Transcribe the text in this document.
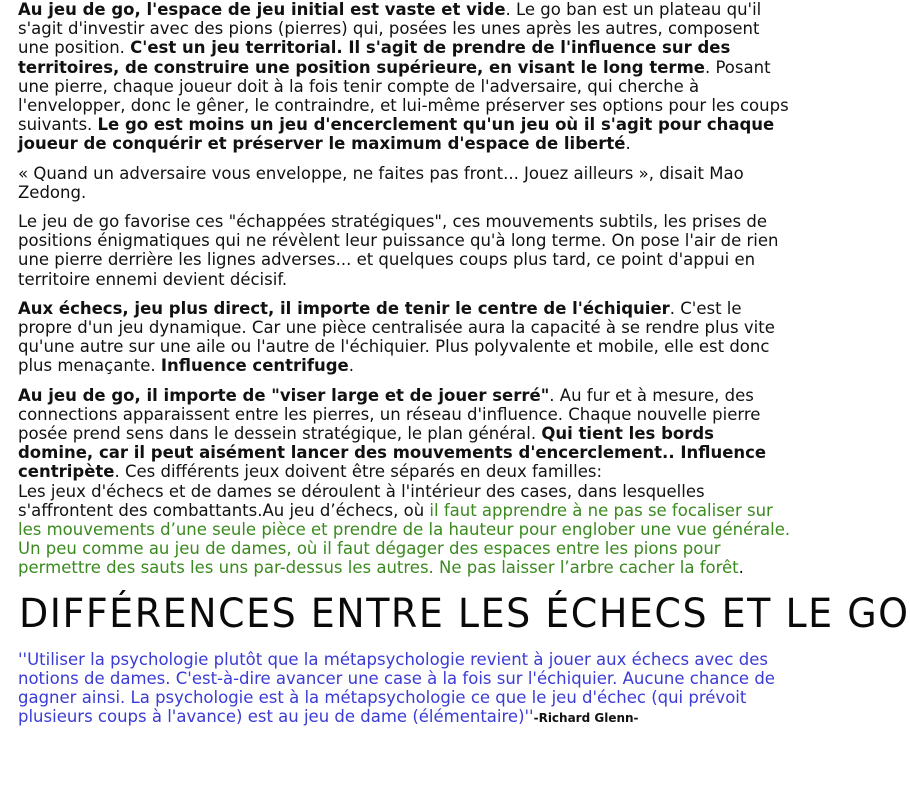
Au jeu de go, l'espace de jeu initial est vaste et vide. Le go ban est un plateau qu'il s'agit d'investir avec des pions (pierres) qui, posées les unes après les autres, composent une position. C'est un jeu territorial. Il s'agit de prendre de l'influence sur des territoires, de construire une position supérieure, en visant le long terme. Posant une pierre, chaque joueur doit à la fois tenir compte de l'adversaire, qui cherche à l'envelopper, donc le gêner, le contraindre, et lui-même préserver ses options pour les coups suivants. Le go est moins un jeu d'encerclement qu'un jeu où il s'agit pour chaque joueur de conquérir et préserver le maximum d'espace de liberté.

« Quand un adversaire vous enveloppe, ne faites pas front... Jouez ailleurs », disait Mao Zedong.

Le jeu de go favorise ces "échappées stratégiques", ces mouvements subtils, les prises de positions énigmatiques qui ne révèlent leur puissance qu'à long terme. On pose l'air de rien une pierre derrière les lignes adverses... et quelques coups plus tard, ce point d'appui en territoire ennemi devient décisif.

Aux échecs, jeu plus direct, il importe de tenir le centre de l'échiquier. C'est le propre d'un jeu dynamique. Car une pièce centralisée aura la capacité à se rendre plus vite qu'une autre sur une aile ou l'autre de l'échiquier. Plus polyvalente et mobile, elle est donc plus menaçante. Influence centrifuge.

Au jeu de go, il importe de "viser large et de jouer serré". Au fur et à mesure, des connections apparaissent entre les pierres, un réseau d'influence. Chaque nouvelle pierre posée prend sens dans le dessein stratégique, le plan général. Qui tient les bords domine, car il peut aisément lancer des mouvements d'encerclement.. Influence centripète. Ces différents jeux doivent être séparés en deux familles:
Les jeux d'échecs et de dames se déroulent à l'intérieur des cases, dans lesquelles s'affrontent des combattants.Au jeu d’échecs, où il faut apprendre à ne pas se focaliser sur les mouvements d’une seule pièce et prendre de la hauteur pour englober une vue générale. Un peu comme au jeu de dames, où il faut dégager des espaces entre les pions pour permettre des sauts les uns par-dessus les autres. Ne pas laisser l’arbre cacher la forêt.

DIFFÉRENCES ENTRE LES ÉCHECS ET LE GO

''Utiliser la psychologie plutôt que la métapsychologie revient à jouer aux échecs avec des notions de dames. C'est-à-dire avancer une case à la fois sur l'échiquier. Aucune chance de gagner ainsi. La psychologie est à la métapsychologie ce que le jeu d'échec (qui prévoit plusieurs coups à l'avance) est au jeu de dame (élémentaire)''-Richard Glenn-
